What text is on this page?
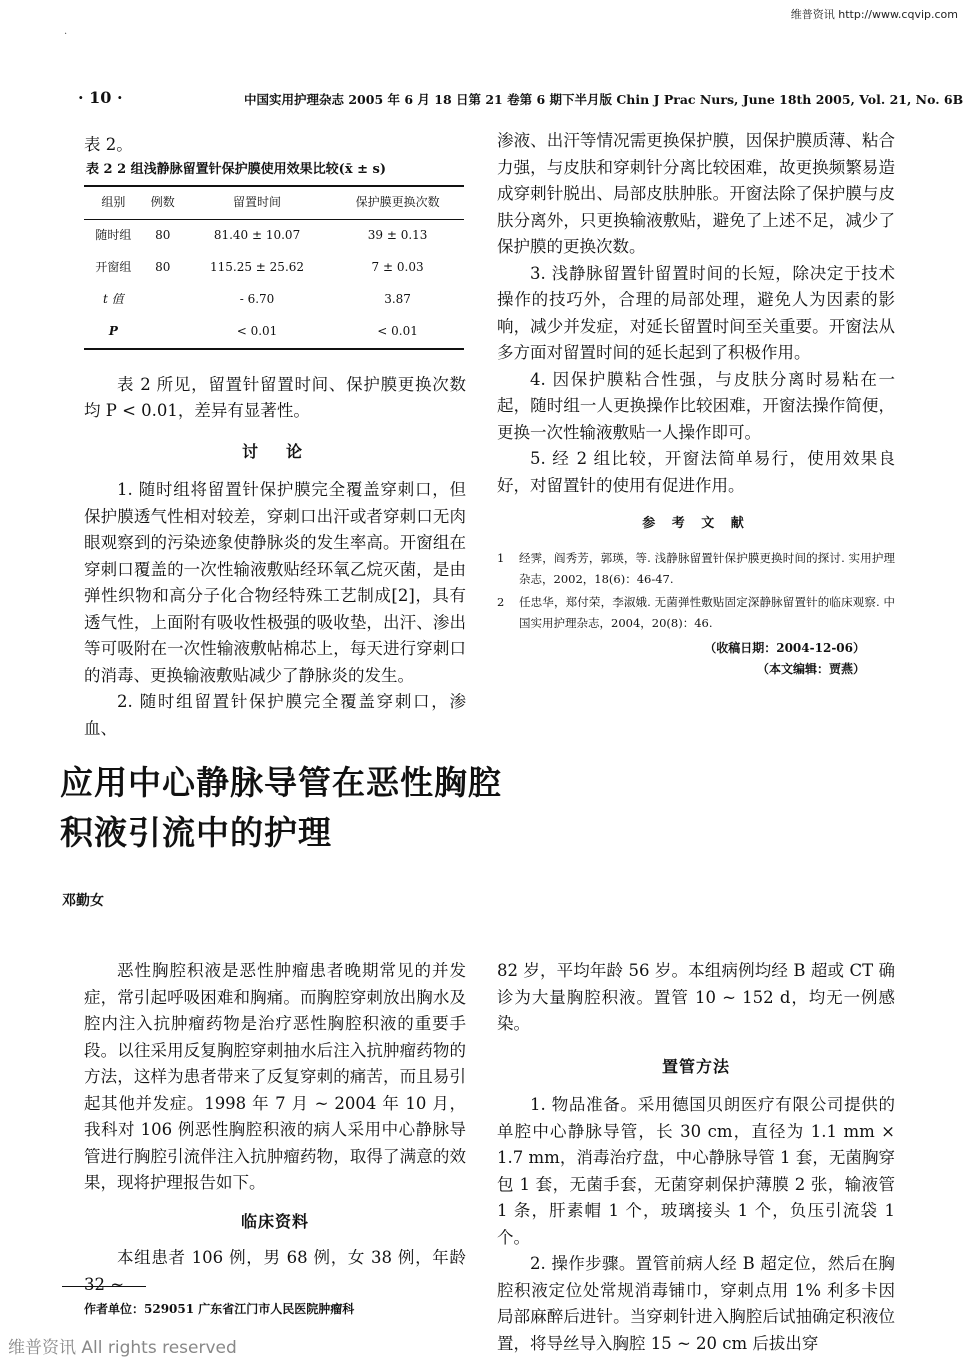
.
维普资讯 http://www.cqvip.com
· 10 ·	中国实用护理杂志 2005 年 6 月 18 日第 21 卷第 6 期下半月版 Chin J Prac Nurs, June 18th 2005, Vol. 21, No. 6B

表 2。

表 2 2 组浅静脉留置针保护膜使用效果比较(x̄ ± s)
组别	例数	留置时间	保护膜更换次数
随时组	80	81.40 ± 10.07	39 ± 0.13
开窗组	80	115.25 ± 25.62	7 ± 0.03
t 值		- 6.70	3.87
P		< 0.01	< 0.01

表 2 所见，留置针留置时间、保护膜更换次数均 P < 0.01，差异有显著性。

讨　论

1. 随时组将留置针保护膜完全覆盖穿刺口，但保护膜透气性相对较差，穿刺口出汗或者穿刺口无肉眼观察到的污染迹象使静脉炎的发生率高。开窗组在穿刺口覆盖的一次性输液敷贴经环氧乙烷灭菌，是由弹性织物和高分子化合物经特殊工艺制成[2]，具有透气性，上面附有吸收性极强的吸收垫，出汗、渗出等可吸附在一次性输液敷帖棉芯上，每天进行穿刺口的消毒、更换输液敷贴减少了静脉炎的发生。

2. 随时组留置针保护膜完全覆盖穿刺口，渗血、

渗液、出汗等情况需更换保护膜，因保护膜质薄、粘合力强，与皮肤和穿刺针分离比较困难，故更换频繁易造成穿刺针脱出、局部皮肤肿胀。开窗法除了保护膜与皮肤分离外，只更换输液敷贴，避免了上述不足，减少了保护膜的更换次数。

3. 浅静脉留置针留置时间的长短，除决定于技术操作的技巧外，合理的局部处理，避免人为因素的影响，减少并发症，对延长留置时间至关重要。开窗法从多方面对留置时间的延长起到了积极作用。

4. 因保护膜粘合性强，与皮肤分离时易粘在一起，随时组一人更换操作比较困难，开窗法操作简便，更换一次性输液敷贴一人操作即可。

5. 经 2 组比较，开窗法简单易行，使用效果良好，对留置针的使用有促进作用。

参 考 文 献
1 经霁，阎秀芳，郭瑛，等. 浅静脉留置针保护膜更换时间的探讨. 实用护理杂志，2002，18(6)：46-47.
2 任忠华，郑付荣，李淑娥. 无菌弹性敷贴固定深静脉留置针的临床观察. 中国实用护理杂志，2004，20(8)：46.
（收稿日期：2004-12-06）
（本文编辑：贾燕）
应用中心静脉导管在恶性胸腔
积液引流中的护理
邓勤女

恶性胸腔积液是恶性肿瘤患者晚期常见的并发症，常引起呼吸困难和胸痛。而胸腔穿刺放出胸水及腔内注入抗肿瘤药物是治疗恶性胸腔积液的重要手段。以往采用反复胸腔穿刺抽水后注入抗肿瘤药物的方法，这样为患者带来了反复穿刺的痛苦，而且易引起其他并发症。1998 年 7 月 ~ 2004 年 10 月，我科对 106 例恶性胸腔积液的病人采用中心静脉导管进行胸腔引流伴注入抗肿瘤药物，取得了满意的效果，现将护理报告如下。

临床资料

本组患者 106 例，男 68 例，女 38 例，年龄 32 ~

82 岁，平均年龄 56 岁。本组病例均经 B 超或 CT 确诊为大量胸腔积液。置管 10 ~ 152 d，均无一例感染。

置管方法

1. 物品准备。采用德国贝朗医疗有限公司提供的单腔中心静脉导管，长 30 cm，直径为 1.1 mm × 1.7 mm，消毒治疗盘，中心静脉导管 1 套，无菌胸穿包 1 套，无菌手套，无菌穿刺保护薄膜 2 张，输液管 1 条，肝素帽 1 个，玻璃接头 1 个，负压引流袋 1 个。

2. 操作步骤。置管前病人经 B 超定位，然后在胸腔积液定位处常规消毒铺巾，穿刺点用 1% 利多卡因局部麻醉后进针。当穿刺针进入胸腔后试抽确定积液位置，将导丝导入胸腔 15 ~ 20 cm 后拔出穿

作者单位：529051 广东省江门市人民医院肿瘤科
维普资讯 All rights reserved
